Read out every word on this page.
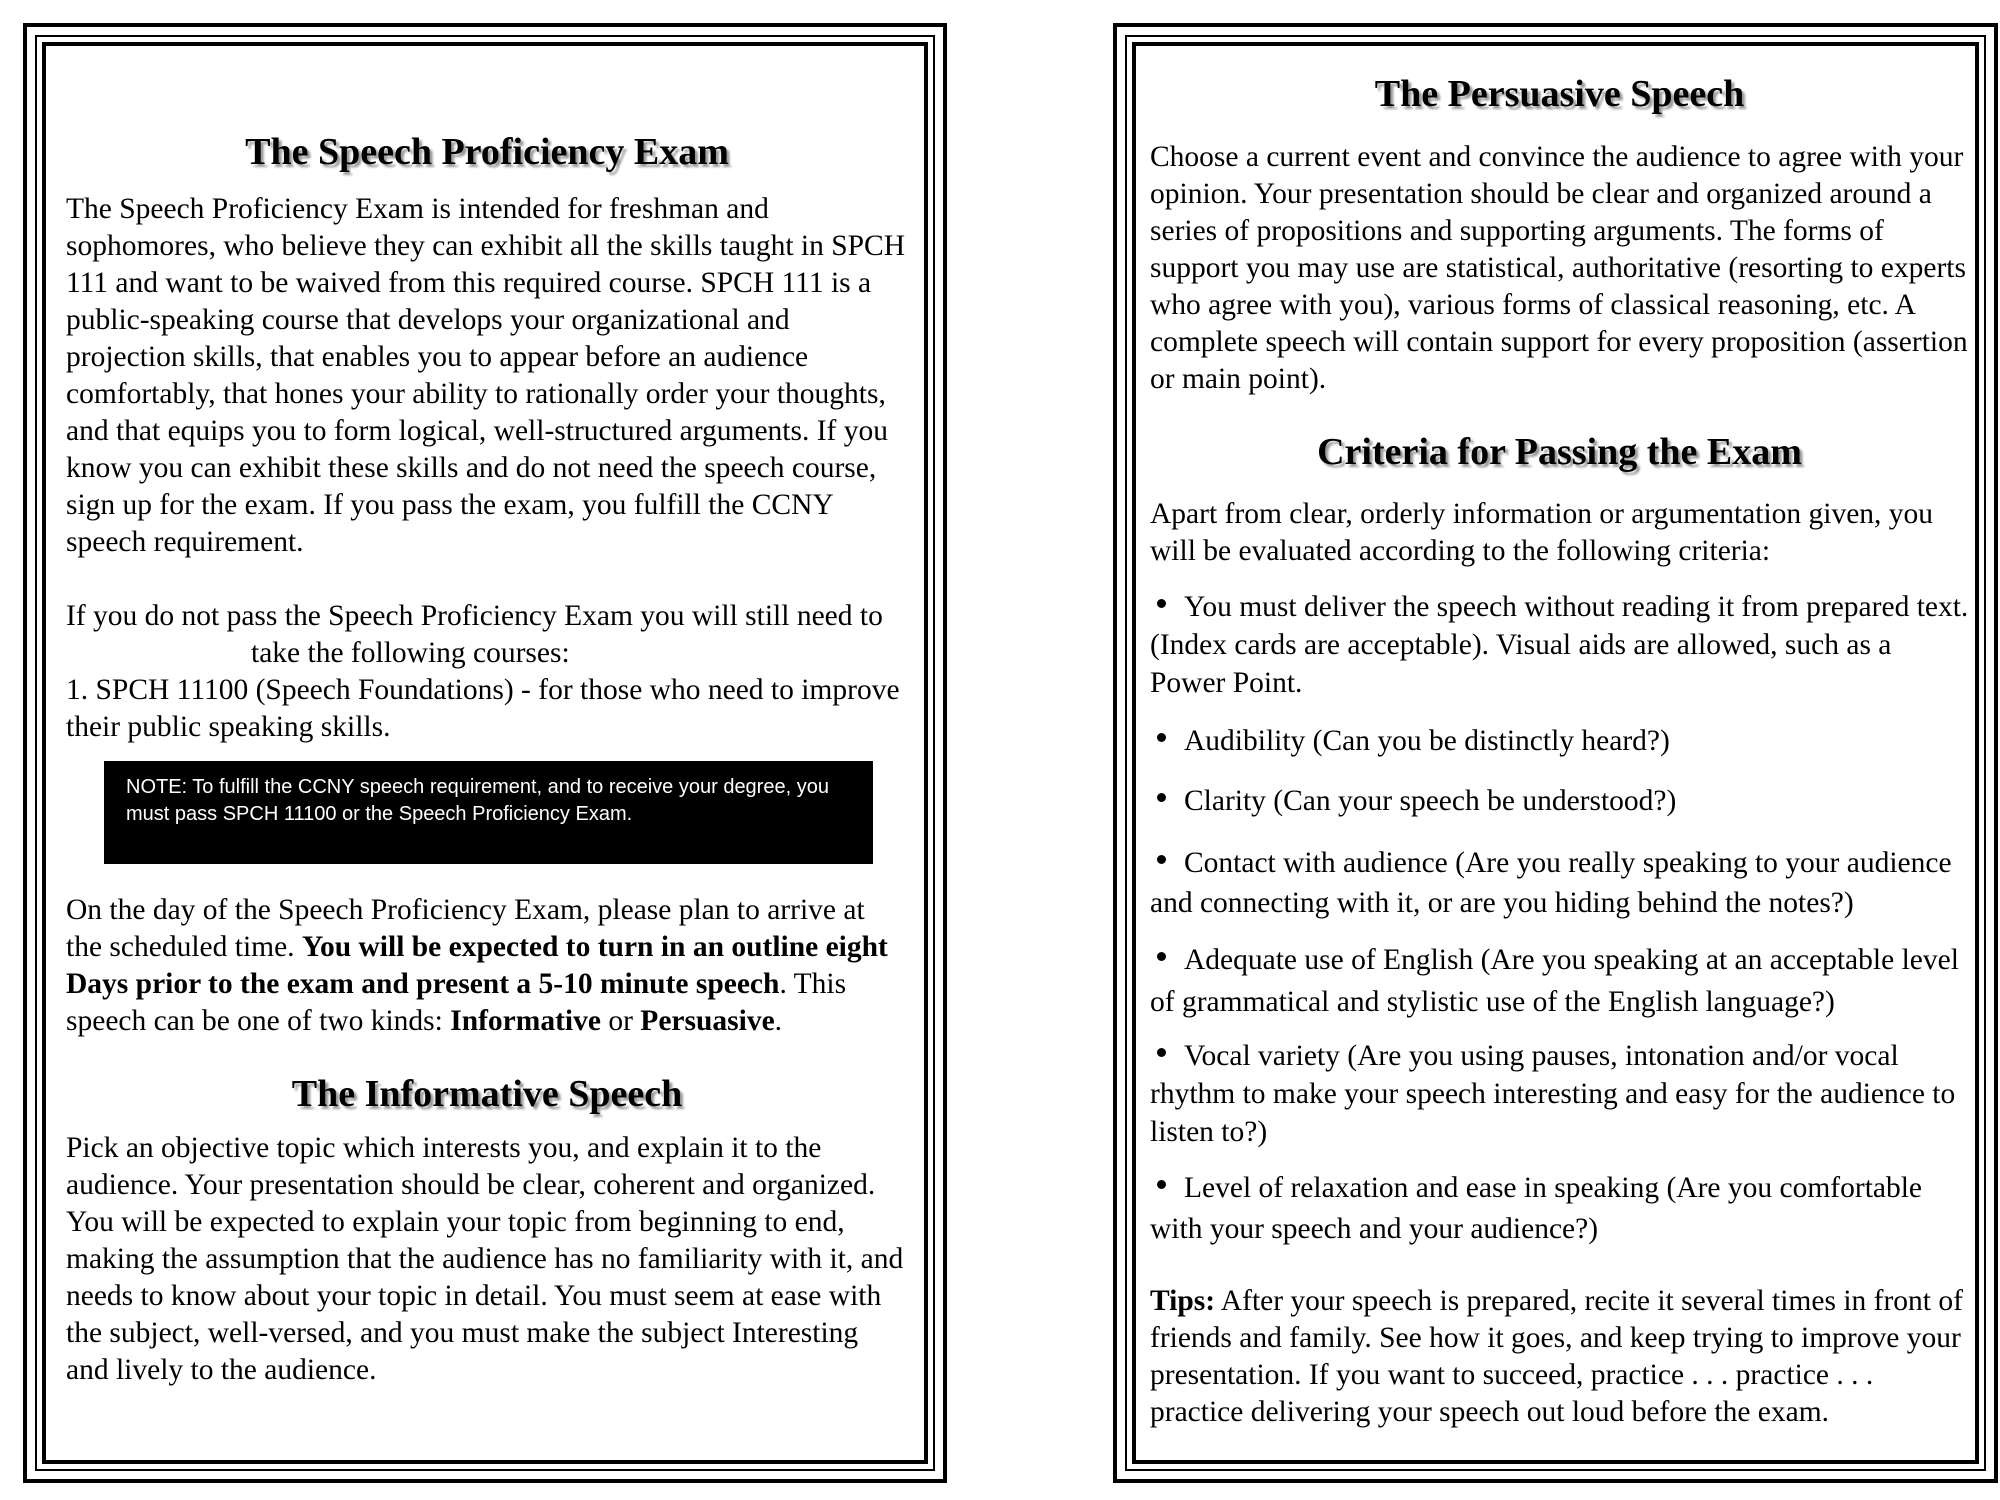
The Speech Proficiency Exam

The Speech Proficiency Exam is intended for freshman and sophomores, who believe they can exhibit all the skills taught in SPCH 111 and want to be waived from this required course. SPCH 111 is a public-speaking course that develops your organizational and projection skills, that enables you to appear before an audience comfortably, that hones your ability to rationally order your thoughts, and that equips you to form logical, well-structured arguments. If you know you can exhibit these skills and do not need the speech course, sign up for the exam. If you pass the exam, you fulfill the CCNY speech requirement.

If you do not pass the Speech Proficiency Exam you will still need to

take the following courses:

1. SPCH 11100 (Speech Foundations) - for those who need to improve their public speaking skills.

NOTE: To fulfill the CCNY speech requirement, and to receive your degree, you must pass SPCH 11100 or the Speech Proficiency Exam.

On the day of the Speech Proficiency Exam, please plan to arrive at the scheduled time. You will be expected to turn in an outline eight Days prior to the exam and present a 5-10 minute speech. This speech can be one of two kinds: Informative or Persuasive.

The Informative Speech

Pick an objective topic which interests you, and explain it to the audience. Your presentation should be clear, coherent and organized. You will be expected to explain your topic from beginning to end, making the assumption that the audience has no familiarity with it, and needs to know about your topic in detail. You must seem at ease with the subject, well-versed, and you must make the subject Interesting and lively to the audience.

The Persuasive Speech

Choose a current event and convince the audience to agree with your opinion. Your presentation should be clear and organized around a series of propositions and supporting arguments. The forms of support you may use are statistical, authoritative (resorting to experts who agree with you), various forms of classical reasoning, etc. A complete speech will contain support for every proposition (assertion or main point).

Criteria for Passing the Exam

Apart from clear, orderly information or argumentation given, you will be evaluated according to the following criteria:

You must deliver the speech without reading it from prepared text. (Index cards are acceptable). Visual aids are allowed, such as a Power Point.

Audibility (Can you be distinctly heard?)

Clarity (Can your speech be understood?)

Contact with audience (Are you really speaking to your audience and connecting with it, or are you hiding behind the notes?)

Adequate use of English (Are you speaking at an acceptable level of grammatical and stylistic use of the English language?)

Vocal variety (Are you using pauses, intonation and/or vocal rhythm to make your speech interesting and easy for the audience to listen to?)

Level of relaxation and ease in speaking (Are you comfortable with your speech and your audience?)

Tips: After your speech is prepared, recite it several times in front of friends and family. See how it goes, and keep trying to improve your presentation. If you want to succeed, practice . . . practice . . . practice delivering your speech out loud before the exam.
